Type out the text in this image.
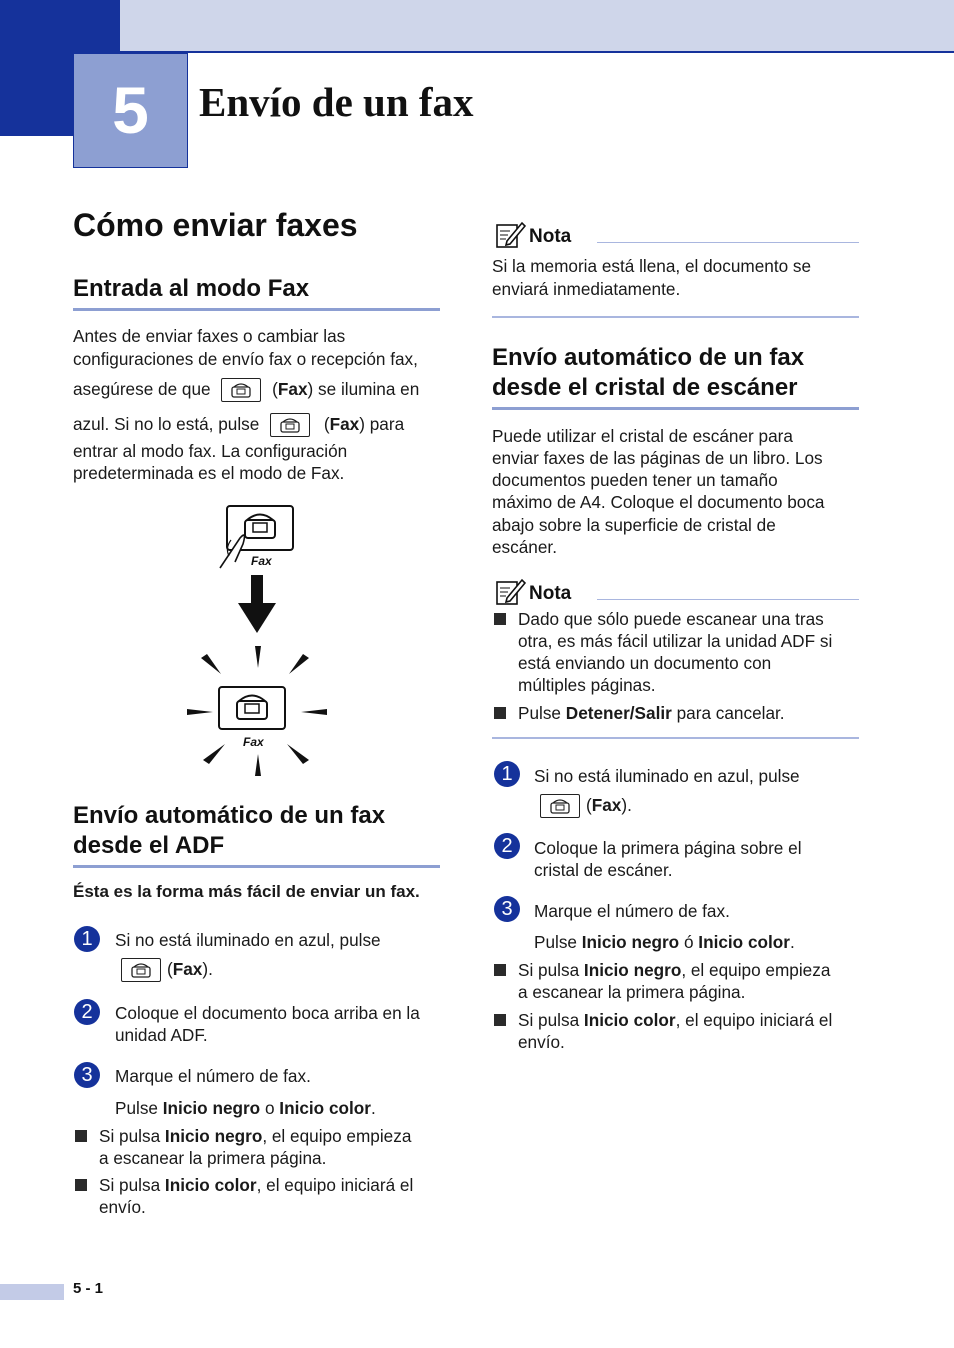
5	Envío de un fax
Cómo enviar faxes
Entrada al modo Fax
Antes de enviar faxes o cambiar las
configuraciones de envío fax o recepción fax,
asegúrese de que	(Fax) se ilumina en
azul. Si no lo está, pulse	(Fax) para
entrar al modo fax. La configuración
predeterminada es el modo de Fax.
Fax
Fax
Envío automático de un fax
desde el ADF
Ésta es la forma más fácil de enviar un fax.
1	Si no está iluminado en azul, pulse
(Fax).
2	Coloque el documento boca arriba en la
unidad ADF.
3	Marque el número de fax.
Pulse Inicio negro o Inicio color.
Si pulsa Inicio negro, el equipo empieza
a escanear la primera página.
Si pulsa Inicio color, el equipo iniciará el
envío.
Nota
Si la memoria está llena, el documento se
enviará inmediatamente.
Envío automático de un fax
desde el cristal de escáner
Puede utilizar el cristal de escáner para
enviar faxes de las páginas de un libro. Los
documentos pueden tener un tamaño
máximo de A4. Coloque el documento boca
abajo sobre la superficie de cristal de
escáner.
Nota
Dado que sólo puede escanear una tras
otra, es más fácil utilizar la unidad ADF si
está enviando un documento con
múltiples páginas.
Pulse Detener/Salir para cancelar.
1	Si no está iluminado en azul, pulse
(Fax).
2	Coloque la primera página sobre el
cristal de escáner.
3	Marque el número de fax.
Pulse Inicio negro ó Inicio color.
Si pulsa Inicio negro, el equipo empieza
a escanear la primera página.
Si pulsa Inicio color, el equipo iniciará el
envío.
5 - 1
